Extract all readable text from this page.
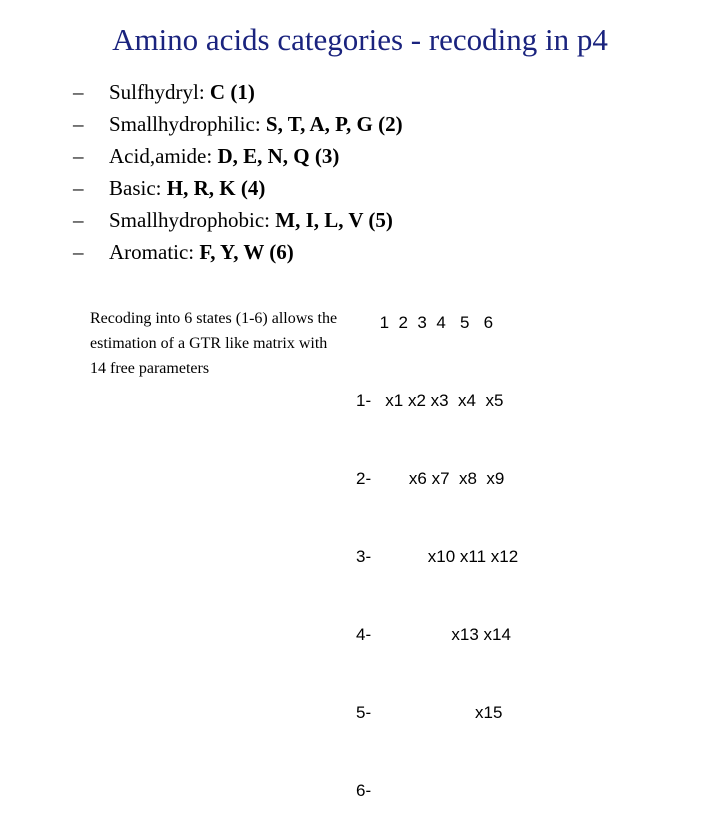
Amino acids categories - recoding in p4
– Sulfhydryl: C (1)
– Smallhydrophilic: S, T, A, P, G (2)
– Acid,amide: D, E, N, Q (3)
– Basic: H, R, K (4)
– Smallhydrophobic: M, I, L, V (5)
– Aromatic: F, Y, W (6)
Recoding into 6 states (1-6) allows the estimation of a GTR like matrix with 14 free parameters

1  2  3  4   5   6

1-   x1 x2 x3  x4  x5

2-        x6 x7  x8  x9

3-            x10 x11 x12

4-                 x13 x14

5-                      x15

6-
